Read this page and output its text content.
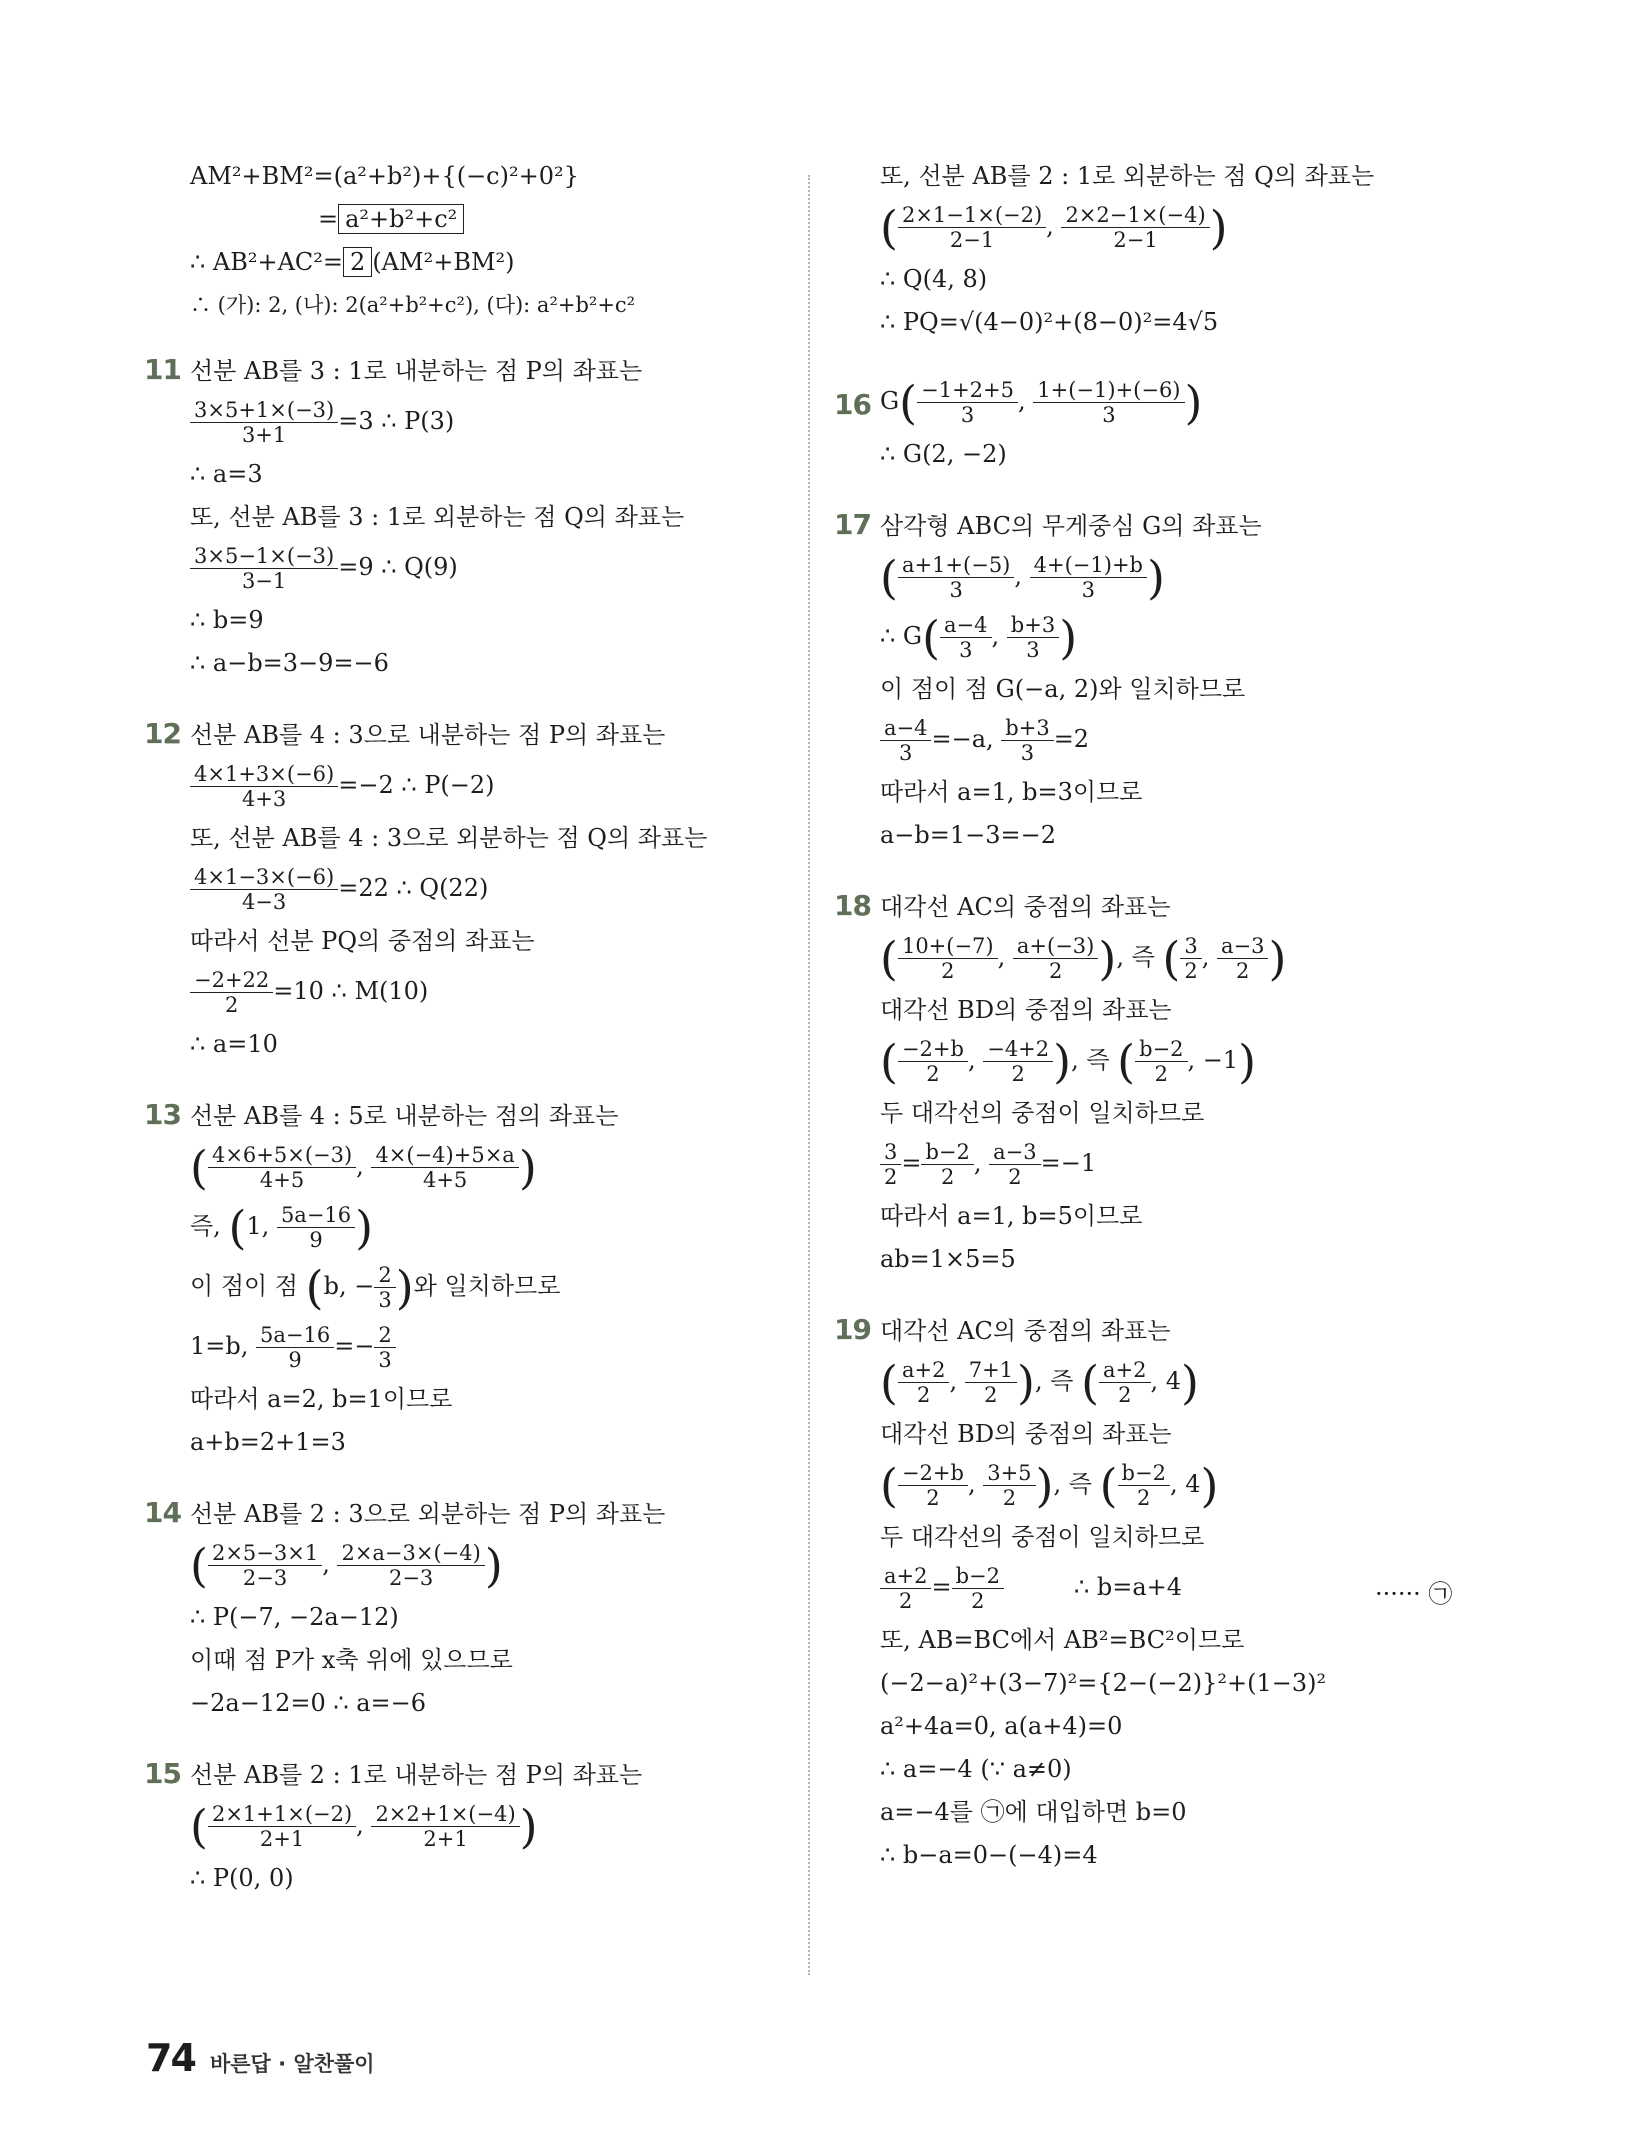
AM²+BM²=(a²+b²)+{(−c)²+0²}
= a²+b²+c²
∴ AB²+AC²= 2 (AM²+BM²)
∴ (가): 2, (나): 2(a²+b²+c²), (다): a²+b²+c²
11 선분 AB를 3 : 1로 내분하는 점 P의 좌표는
$\frac{3\times 5+1\times(-3)}{3+1} =3$ ∴ P(3)
∴ a=3
또, 선분 AB를 3 : 1로 외분하는 점 Q의 좌표는
$\frac{3\times 5-1\times(-3)}{3-1} =9$ ∴ Q(9)
∴ b=9
∴ a−b=3−9=−6
12 선분 AB를 4 : 3으로 내분하는 점 P의 좌표는
$\frac{4\times 1+3\times(-6)}{4+3} =-2$ ∴ P(−2)
또, 선분 AB를 4 : 3으로 외분하는 점 Q의 좌표는
$\frac{4\times 1-3\times(-6)}{4-3} =22$ ∴ Q(22)
따라서 선분 PQ의 중점의 좌표는
$\frac{-2+22}{2} =10$ ∴ M(10)
∴ a=10
13 선분 AB를 4 : 5로 내분하는 점의 좌표는
( $\frac{4\times 6+5\times(-3)}{4+5}$ , $\frac{4\times(-4)+5\times a}{4+5}$ )
즉, (1, $\frac{5a-16}{9}$ )
이 점이 점 (b, − $\frac{2}{3}$ )와 일치하므로
1=b, $\frac{5a-16}{9} =- \frac{2}{3}$
따라서 a=2, b=1이므로
a+b=2+1=3
14 선분 AB를 2 : 3으로 외분하는 점 P의 좌표는
( $\frac{2\times 5-3\times 1}{2-3}$ , $\frac{2\times a-3\times(-4)}{2-3}$ )
∴ P(−7, −2a−12)
이때 점 P가 x축 위에 있으므로
−2a−12=0 ∴ a=−6
15 선분 AB를 2 : 1로 내분하는 점 P의 좌표는
( $\frac{2\times 1+1\times(-2)}{2+1}$ , $\frac{2\times 2+1\times(-4)}{2+1}$ )
∴ P(0, 0)
또, 선분 AB를 2 : 1로 외분하는 점 Q의 좌표는
( $\frac{2\times 1-1\times(-2)}{2-1}$ , $\frac{2\times 2-1\times(-4)}{2-1}$ )
∴ Q(4, 8)
∴ PQ=√(4−0)²+(8−0)²=4√5
16 $G( \frac{-1+2+5}{3}$ , $\frac{1+(-1)+(-6)}{3}$ )
∴ G(2, −2)
17 삼각형 ABC의 무게중심 G의 좌표는
( $\frac{a+1+(-5)}{3}$ , $\frac{4+(-1)+b}{3}$ )
∴ $G( \frac{a-4}{3}$ , $\frac{b+3}{3}$ )
이 점이 점 G(−a, 2)와 일치하므로
$\frac{a-4}{3} =-a$, $\frac{b+3}{3} =2$
따라서 a=1, b=3이므로
a−b=1−3=−2
18 대각선 AC의 중점의 좌표는
( $\frac{10+(-7)}{2}$ , $\frac{a+(-3)}{2}$ ), 즉 ( $\frac{3}{2}$ , $\frac{a-3}{2}$ )
대각선 BD의 중점의 좌표는
( $\frac{-2+b}{2}$ , $\frac{-4+2}{2}$ ), 즉 ( $\frac{b-2}{2}$ , −1)
두 대각선의 중점이 일치하므로
$\frac{3}{2} = \frac{b-2}{2}$ , $\frac{a-3}{2} =-1$
따라서 a=1, b=5이므로
ab=1×5=5
19 대각선 AC의 중점의 좌표는
( $\frac{a+2}{2}$ , $\frac{7+1}{2}$ ), 즉 ( $\frac{a+2}{2}$ , 4)
대각선 BD의 중점의 좌표는
( $\frac{-2+b}{2}$ , $\frac{3+5}{2}$ ), 즉 ( $\frac{b-2}{2}$ , 4)
두 대각선의 중점이 일치하므로
$\frac{a+2}{2} = \frac{b-2}{2}$	∴ b=a+4	······ ㉠
또, AB=BC에서 AB²=BC²이므로
(−2−a)²+(3−7)²={2−(−2)}²+(1−3)²
a²+4a=0, a(a+4)=0
∴ a=−4 (∵ a≠0)
a=−4를 ㉠에 대입하면 b=0
∴ b−a=0−(−4)=4
74 바른답 · 알찬풀이
